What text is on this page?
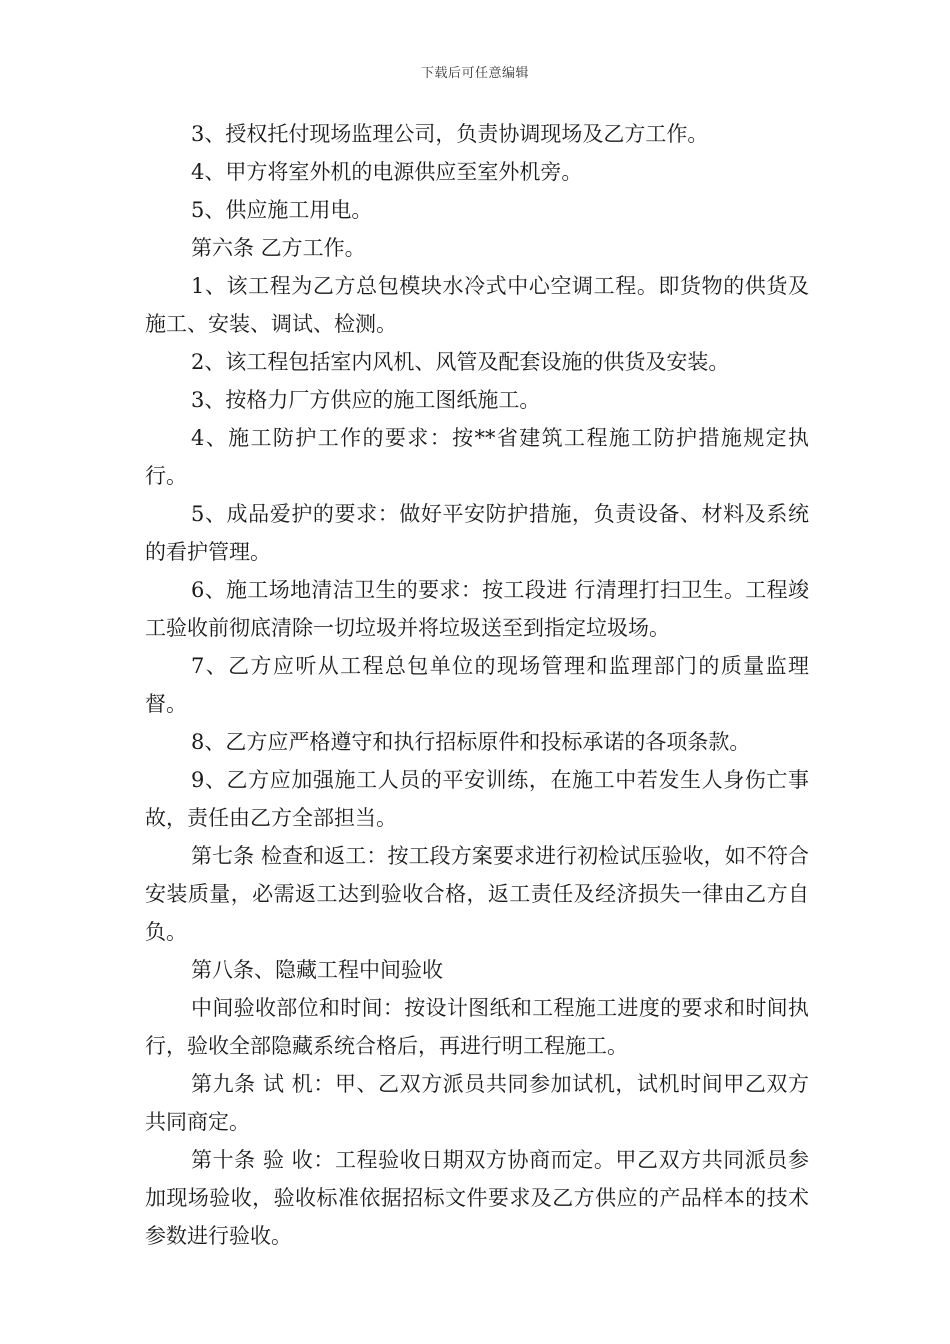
下载后可任意编辑

3、授权托付现场监理公司，负责协调现场及乙方工作。

4、甲方将室外机的电源供应至室外机旁。

5、供应施工用电。

第六条 乙方工作。

1、该工程为乙方总包模块水冷式中心空调工程。即货物的供货及施工、安装、调试、检测。

2、该工程包括室内风机、风管及配套设施的供货及安装。

3、按格力厂方供应的施工图纸施工。

4、施工防护工作的要求：按**省建筑工程施工防护措施规定执行。

5、成品爱护的要求：做好平安防护措施，负责设备、材料及系统的看护管理。

6、施工场地清洁卫生的要求：按工段进 行清理打扫卫生。工程竣工验收前彻底清除一切垃圾并将垃圾送至到指定垃圾场。

7、乙方应听从工程总包单位的现场管理和监理部门的质量监理督。

8、乙方应严格遵守和执行招标原件和投标承诺的各项条款。

9、乙方应加强施工人员的平安训练，在施工中若发生人身伤亡事故，责任由乙方全部担当。

第七条 检查和返工：按工段方案要求进行初检试压验收，如不符合安装质量，必需返工达到验收合格，返工责任及经济损失一律由乙方自负。

第八条、隐藏工程中间验收

中间验收部位和时间：按设计图纸和工程施工进度的要求和时间执行，验收全部隐藏系统合格后，再进行明工程施工。

第九条 试 机：甲、乙双方派员共同参加试机，试机时间甲乙双方共同商定。

第十条 验 收：工程验收日期双方协商而定。甲乙双方共同派员参加现场验收，验收标准依据招标文件要求及乙方供应的产品样本的技术参数进行验收。
